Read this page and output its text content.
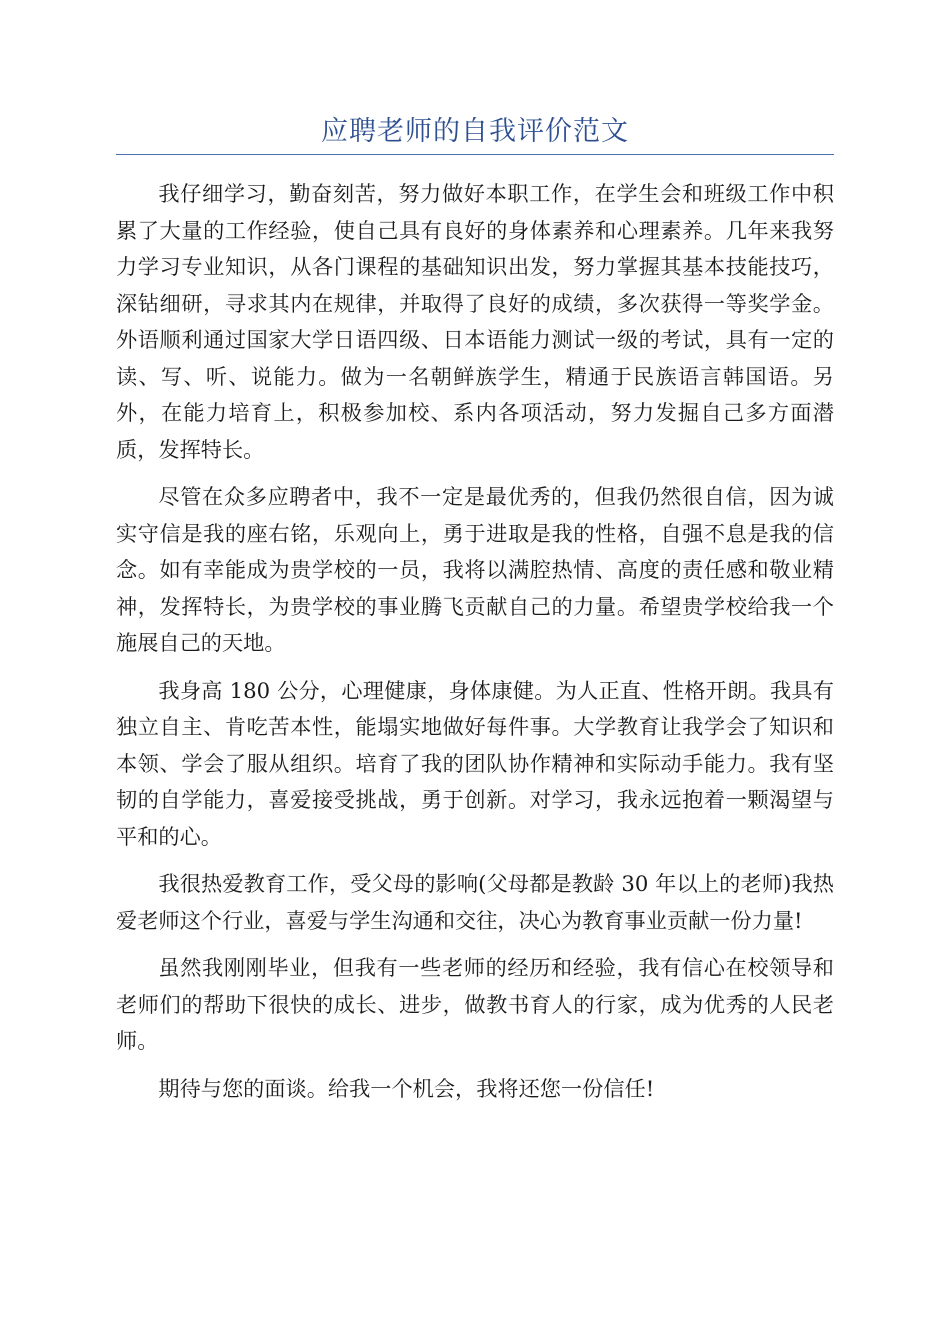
应聘老师的自我评价范文

我仔细学习，勤奋刻苦，努力做好本职工作，在学生会和班级工作中积累了大量的工作经验，使自己具有良好的身体素养和心理素养。几年来我努力学习专业知识，从各门课程的基础知识出发，努力掌握其基本技能技巧，深钻细研，寻求其内在规律，并取得了良好的成绩，多次获得一等奖学金。外语顺利通过国家大学日语四级、日本语能力测试一级的考试，具有一定的读、写、听、说能力。做为一名朝鲜族学生，精通于民族语言韩国语。另外，在能力培育上，积极参加校、系内各项活动，努力发掘自己多方面潜质，发挥特长。

尽管在众多应聘者中，我不一定是最优秀的，但我仍然很自信，因为诚实守信是我的座右铭，乐观向上，勇于进取是我的性格，自强不息是我的信念。如有幸能成为贵学校的一员，我将以满腔热情、高度的责任感和敬业精神，发挥特长，为贵学校的事业腾飞贡献自己的力量。希望贵学校给我一个施展自己的天地。

我身高 180 公分，心理健康，身体康健。为人正直、性格开朗。我具有独立自主、肯吃苦本性，能塌实地做好每件事。大学教育让我学会了知识和本领、学会了服从组织。培育了我的团队协作精神和实际动手能力。我有坚韧的自学能力，喜爱接受挑战，勇于创新。对学习，我永远抱着一颗渴望与平和的心。

我很热爱教育工作，受父母的影响(父母都是教龄 30 年以上的老师)我热爱老师这个行业，喜爱与学生沟通和交往，决心为教育事业贡献一份力量!

虽然我刚刚毕业，但我有一些老师的经历和经验，我有信心在校领导和老师们的帮助下很快的成长、进步，做教书育人的行家，成为优秀的人民老师。

期待与您的面谈。给我一个机会，我将还您一份信任!
